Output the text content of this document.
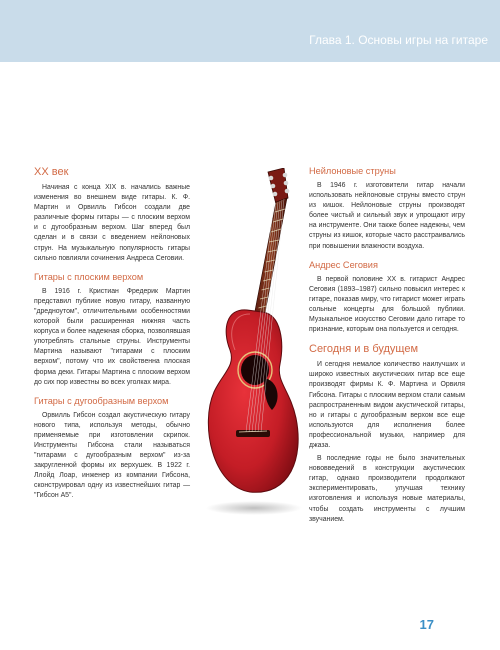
Глава 1. Основы игры на гитаре
XX век

Начиная с конца XIX в. начались важные изменения во внешнем виде гитары. К. Ф. Мартин и Орвилль Гибсон создали две различные формы гитары — с плоским верхом и с дугообразным верхом. Шаг вперед был сделан и в связи с введением нейлоновых струн. На музыкальную популярность гитары сильно повлияли сочинения Андреса Сеговии.

Гитары с плоским верхом

В 1916 г. Кристиан Фредерик Мартин представил публике новую гитару, названную "дредноутом", отличительными особенностями которой были расширенная нижняя часть корпуса и более надежная сборка, позволявшая употреблять стальные струны. Инструменты Мартина называют "гитарами с плоским верхом", потому что их свойственна плоская форма деки. Гитары Мартина с плоским верхом до сих пор известны во всех уголках мира.

Гитары с дугообразным верхом

Орвилль Гибсон создал акустическую гитару нового типа, используя методы, обычно применяемые при изготовлении скрипок. Инструменты Гибсона стали называться "гитарами с дугообразным верхом" из-за закругленной формы их верхушек. В 1922 г. Ллойд Лоар, инженер из компании Гибсона, сконструировал одну из известнейших гитар — "Гибсон А5".

Нейлоновые струны

В 1946 г. изготовители гитар начали использовать нейлоновые струны вместо струн из кишок. Нейлоновые струны производят более чистый и сильный звук и упрощают игру на инструменте. Они также более надежны, чем струны из кишок, которые часто расстраивались при повышении влажности воздуха.

Андрес Сеговия

В первой половине XX в. гитарист Андрес Сеговия (1893–1987) сильно повысил интерес к гитаре, показав миру, что гитарист может играть сольные концерты для большой публики. Музыкальное искусство Сеговии дало гитаре то признание, которым она пользуется и сегодня.

Сегодня и в будущем

И сегодня немалое количество наилучших и широко известных акустических гитар все еще производят фирмы К. Ф. Мартина и Орвиля Гибсона. Гитары с плоским верхом стали самым распространенным видом акустической гитары, но и гитары с дугообразным верхом все еще используются для исполнения более профессиональной музыки, например для джаза.

В последние годы не было значительных нововведений в конструкции акустических гитар, однако производители продолжают экспериментировать, улучшая технику изготовления и используя новые материалы, чтобы создать инструменты с лучшим звучанием.

17
